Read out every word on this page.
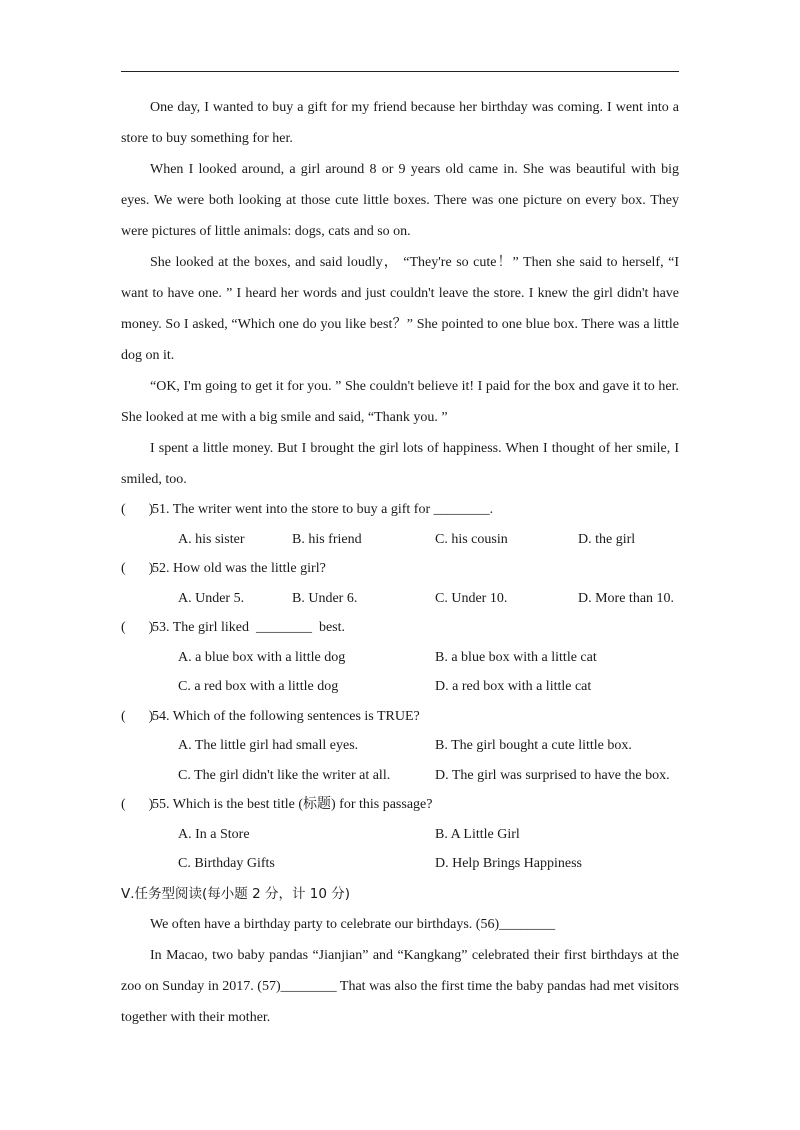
One day, I wanted to buy a gift for my friend because her birthday was coming. I went into a store to buy something for her.

When I looked around, a girl around 8 or 9 years old came in. She was beautiful with big eyes. We were both looking at those cute little boxes. There was one picture on every box. They were pictures of little animals: dogs, cats and so on.

She looked at the boxes, and said loudly， “They're so cute！” Then she said to herself, “I want to have one. ” I heard her words and just couldn't leave the store. I knew the girl didn't have money. So I asked, “Which one do you like best？” She pointed to one blue box. There was a little dog on it.

“OK, I'm going to get it for you. ” She couldn't believe it! I paid for the box and gave it to her. She looked at me with a big smile and said, “Thank you. ”

I spent a little money. But I brought the girl lots of happiness. When I thought of her smile, I smiled, too.

( )51. The writer went into the store to buy a gift for ________.
A. his sister	B. his friend	C. his cousin	D. the girl
( )52. How old was the little girl?
A. Under 5.	B. Under 6.	C. Under 10.	D. More than 10.
( )53. The girl liked  ________  best.
A. a blue box with a little dog	B. a blue box with a little cat
C. a red box with a little dog	D. a red box with a little cat
( )54. Which of the following sentences is TRUE?
A. The little girl had small eyes.	B. The girl bought a cute little box.
C. The girl didn't like the writer at all.	D. The girl was surprised to have the box.
( )55. Which is the best title (标题) for this passage?
A. In a Store	B. A Little Girl
C. Birthday Gifts	D. Help Brings Happiness
Ⅴ.任务型阅读(每小题 2 分，计 10 分)

We often have a birthday party to celebrate our birthdays. (56)________

In Macao, two baby pandas “Jianjian” and “Kangkang” celebrated their first birthdays at the zoo on Sunday in 2017. (57)________ That was also the first time the baby pandas had met visitors together with their mother.
